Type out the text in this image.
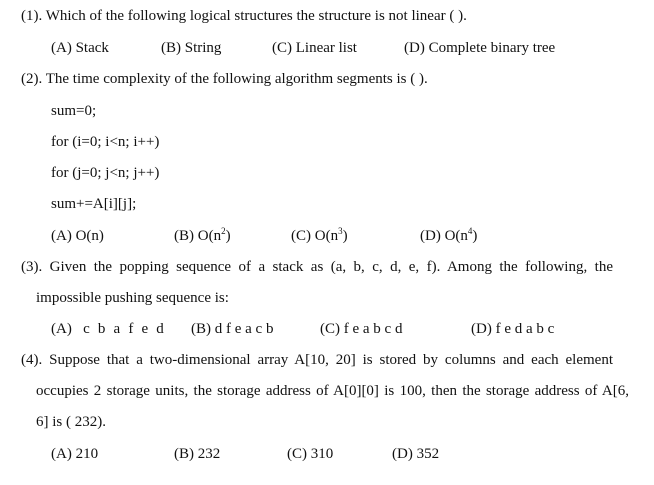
(1). Which of the following logical structures the structure is not linear ( ).
(A) Stack	(B) String	(C) Linear list	(D) Complete binary tree
(2). The time complexity of the following algorithm segments is ( ).
sum=0;
for (i=0; i<n; i++)
for (j=0; j<n; j++)
sum+=A[i][j];
(A) O(n)	(B) $O(n^2)$	(C) $O(n^3)$	(D) $O(n^4)$
(3). Given the popping sequence of a stack as (a, b, c, d, e, f). Among the following, the
impossible pushing sequence is:
(A) c b a f e d (B) d f e a c b	(C) f e a b c d	(D) f e d a b c
(4). Suppose that a two-dimensional array A[10, 20] is stored by columns and each element
occupies 2 storage units, the storage address of A[0][0] is 100, then the storage address of A[6,
6] is ( 232).
(A) 210	(B) 232	(C) 310	(D) 352
